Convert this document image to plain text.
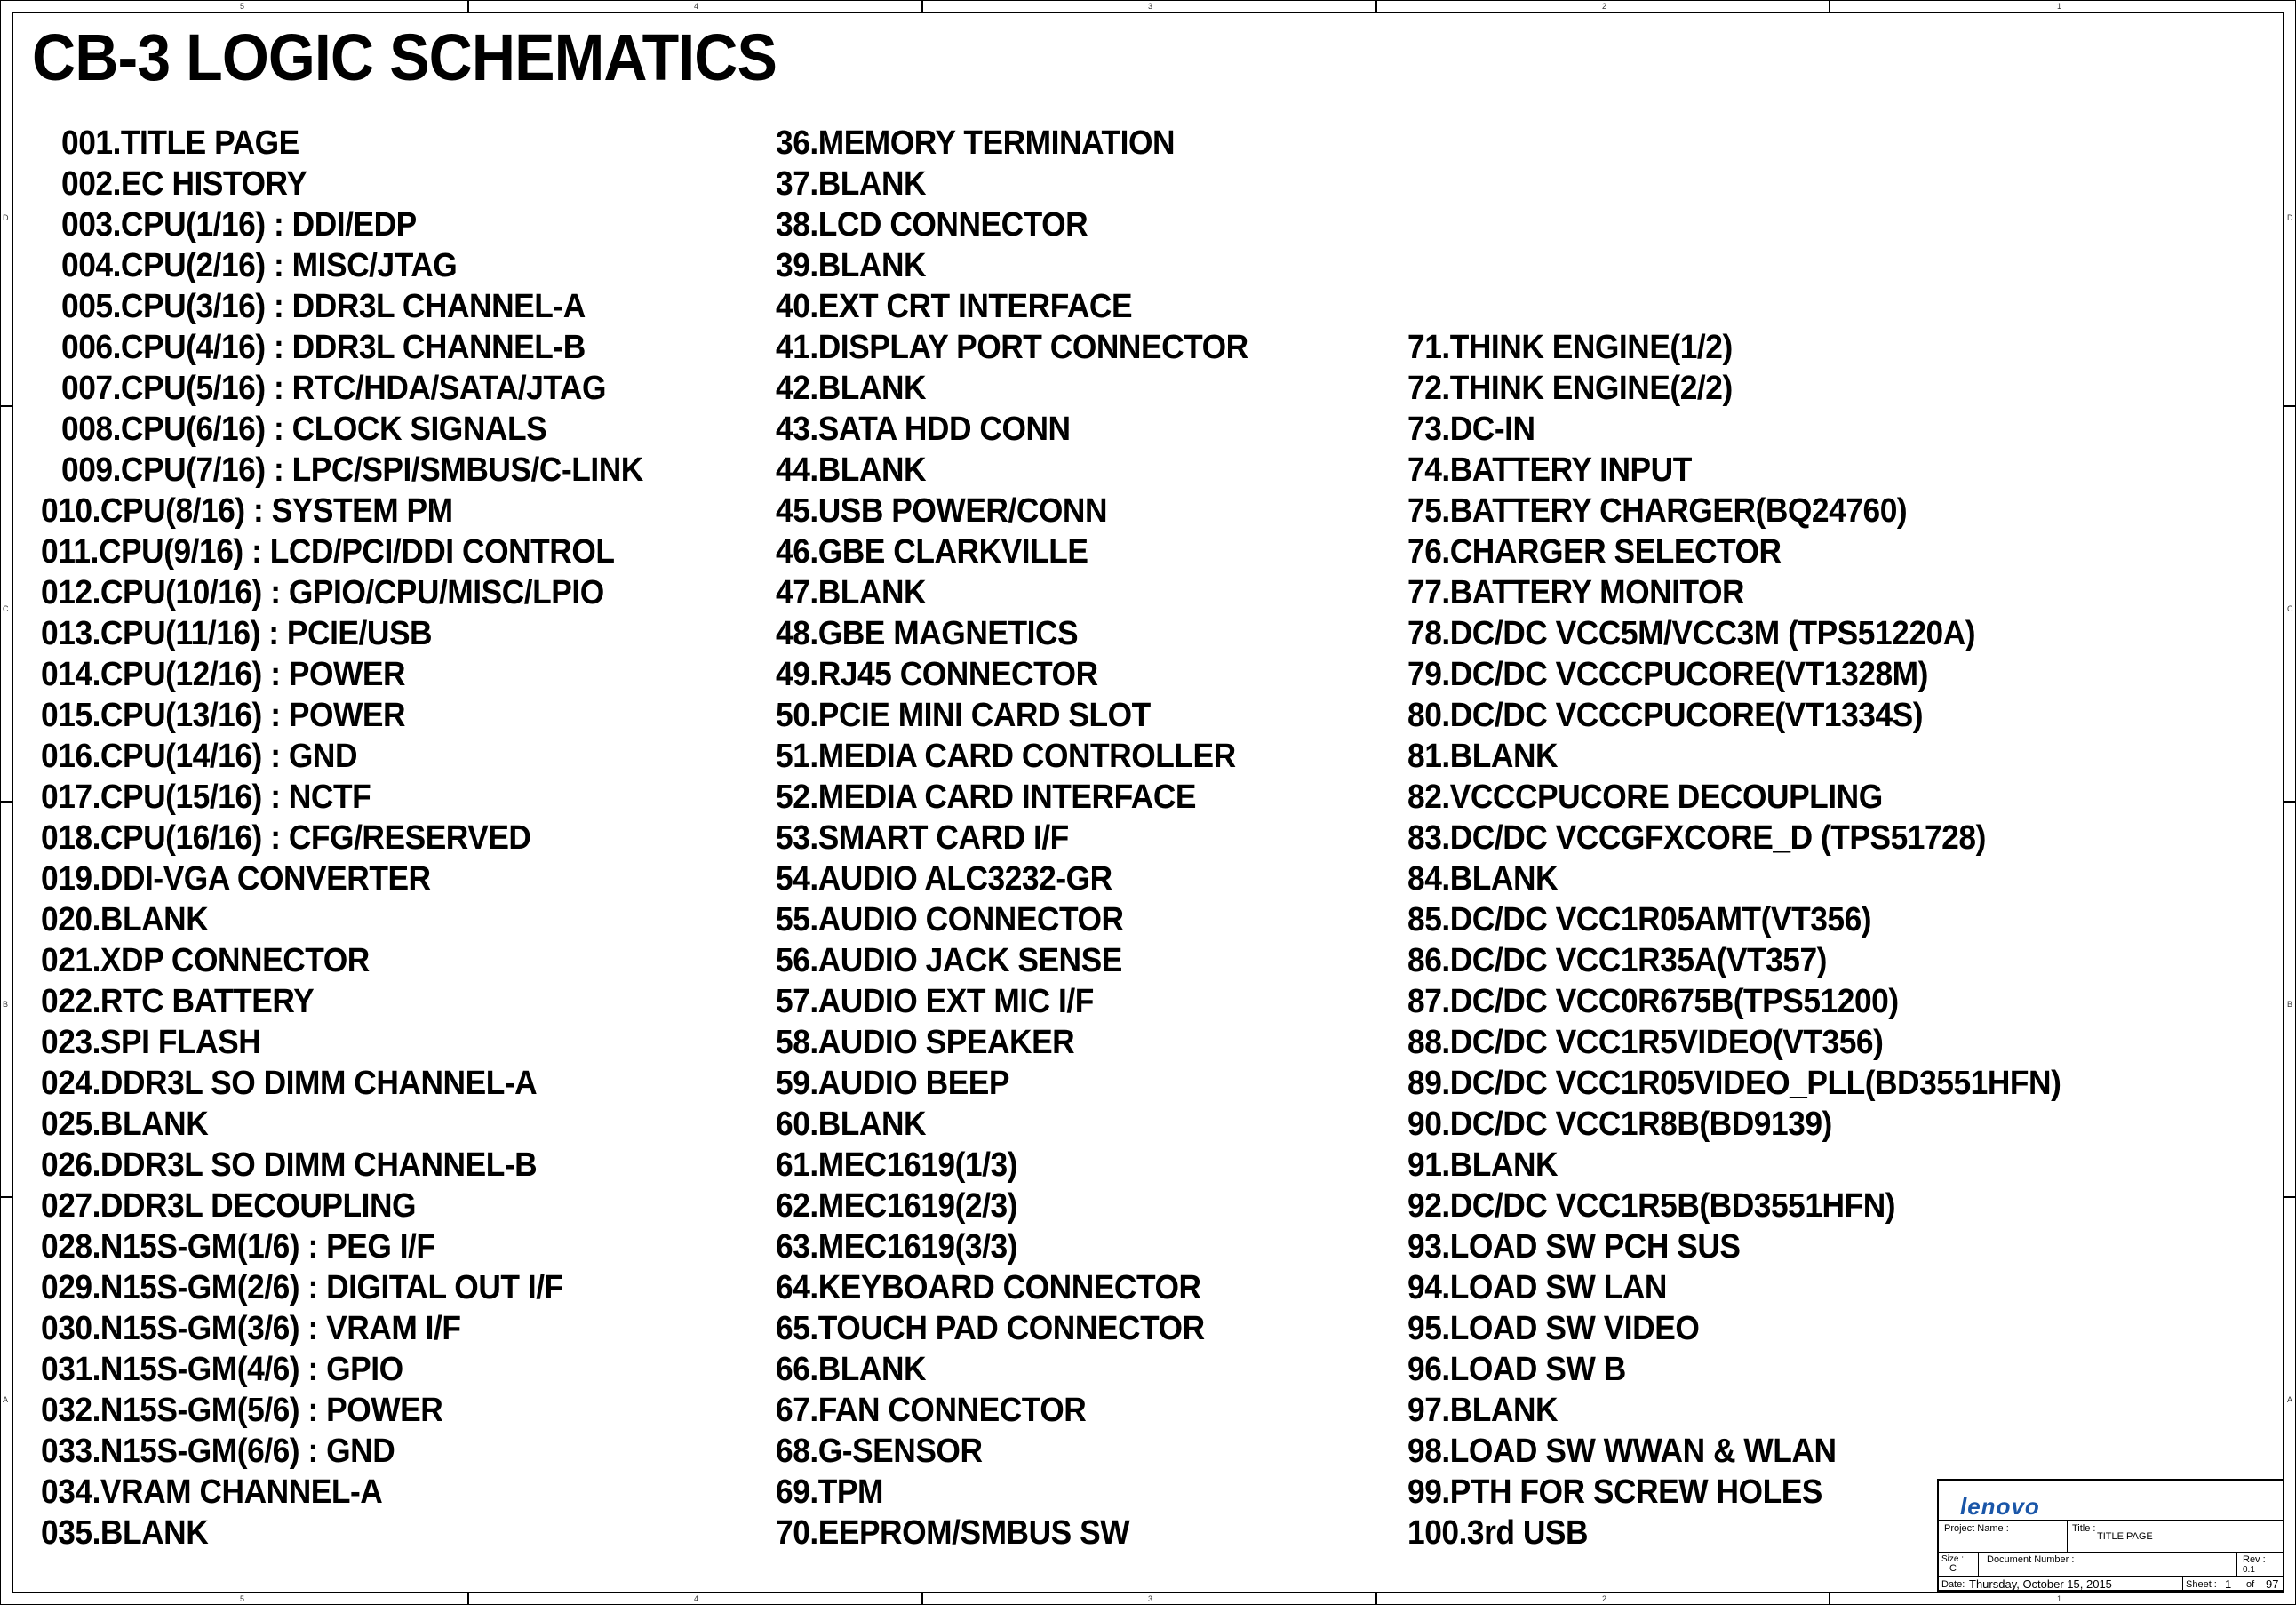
5
5
4
4
3
3
2
2
1
1
D	D
C	C
B	B
A	A
CB-3 LOGIC SCHEMATICS
001.TITLE PAGE
002.EC HISTORY
003.CPU(1/16) : DDI/EDP
004.CPU(2/16) : MISC/JTAG
005.CPU(3/16) : DDR3L CHANNEL-A
006.CPU(4/16) : DDR3L CHANNEL-B
007.CPU(5/16) : RTC/HDA/SATA/JTAG
008.CPU(6/16) : CLOCK SIGNALS
009.CPU(7/16) : LPC/SPI/SMBUS/C-LINK
010.CPU(8/16) : SYSTEM PM
011.CPU(9/16) : LCD/PCI/DDI CONTROL
012.CPU(10/16) : GPIO/CPU/MISC/LPIO
013.CPU(11/16) : PCIE/USB
014.CPU(12/16) : POWER
015.CPU(13/16) : POWER
016.CPU(14/16) : GND
017.CPU(15/16) : NCTF
018.CPU(16/16) : CFG/RESERVED
019.DDI-VGA CONVERTER
020.BLANK
021.XDP CONNECTOR
022.RTC BATTERY
023.SPI FLASH
024.DDR3L SO DIMM CHANNEL-A
025.BLANK
026.DDR3L SO DIMM CHANNEL-B
027.DDR3L DECOUPLING
028.N15S-GM(1/6) : PEG I/F
029.N15S-GM(2/6) : DIGITAL OUT I/F
030.N15S-GM(3/6) : VRAM I/F
031.N15S-GM(4/6) : GPIO
032.N15S-GM(5/6) : POWER
033.N15S-GM(6/6) : GND
034.VRAM CHANNEL-A
035.BLANK
36.MEMORY TERMINATION
37.BLANK
38.LCD CONNECTOR
39.BLANK
40.EXT CRT INTERFACE
41.DISPLAY PORT CONNECTOR
42.BLANK
43.SATA HDD CONN
44.BLANK
45.USB POWER/CONN
46.GBE CLARKVILLE
47.BLANK
48.GBE MAGNETICS
49.RJ45 CONNECTOR
50.PCIE MINI CARD SLOT
51.MEDIA CARD CONTROLLER
52.MEDIA CARD INTERFACE
53.SMART CARD I/F
54.AUDIO ALC3232-GR
55.AUDIO CONNECTOR
56.AUDIO JACK SENSE
57.AUDIO EXT MIC I/F
58.AUDIO SPEAKER
59.AUDIO BEEP
60.BLANK
61.MEC1619(1/3)
62.MEC1619(2/3)
63.MEC1619(3/3)
64.KEYBOARD CONNECTOR
65.TOUCH PAD CONNECTOR
66.BLANK
67.FAN CONNECTOR
68.G-SENSOR
69.TPM
70.EEPROM/SMBUS SW
71.THINK ENGINE(1/2)
72.THINK ENGINE(2/2)
73.DC-IN
74.BATTERY INPUT
75.BATTERY CHARGER(BQ24760)
76.CHARGER SELECTOR
77.BATTERY MONITOR
78.DC/DC VCC5M/VCC3M (TPS51220A)
79.DC/DC VCCCPUCORE(VT1328M)
80.DC/DC VCCCPUCORE(VT1334S)
81.BLANK
82.VCCCPUCORE DECOUPLING
83.DC/DC VCCGFXCORE_D (TPS51728)
84.BLANK
85.DC/DC VCC1R05AMT(VT356)
86.DC/DC VCC1R35A(VT357)
87.DC/DC VCC0R675B(TPS51200)
88.DC/DC VCC1R5VIDEO(VT356)
89.DC/DC VCC1R05VIDEO_PLL(BD3551HFN)
90.DC/DC VCC1R8B(BD9139)
91.BLANK
92.DC/DC VCC1R5B(BD3551HFN)
93.LOAD SW PCH SUS
94.LOAD SW LAN
95.LOAD SW VIDEO
96.LOAD SW B
97.BLANK
98.LOAD SW WWAN & WLAN
99.PTH FOR SCREW HOLES
100.3rd USB
lenovo
Project Name :	Title :
TITLE PAGE
Size :
C
Document Number :	Rev :
0.1
Date: Thursday, October 15, 2015	Sheet : 1 of 97
